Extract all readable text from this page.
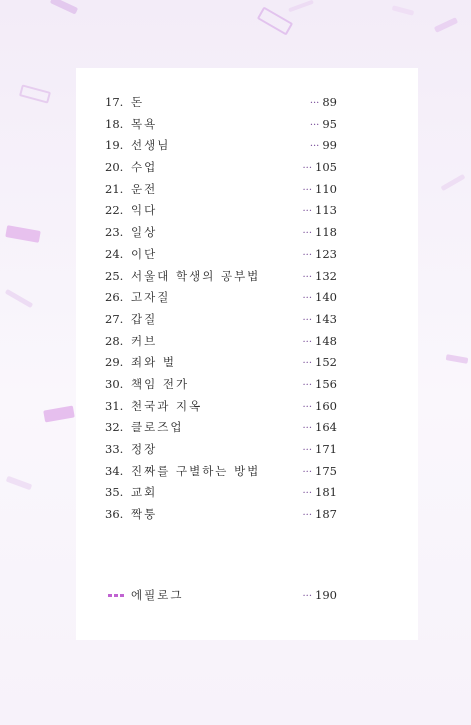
17. 돈	··· 89
18. 목욕	··· 95
19. 선생님	··· 99
20. 수업	··· 105
21. 운전	··· 110
22. 익다	··· 113
23. 일상	··· 118
24. 이단	··· 123
25. 서울대 학생의 공부법	··· 132
26. 고자질	··· 140
27. 갑질	··· 143
28. 커브	··· 148
29. 죄와 벌	··· 152
30. 책임 전가	··· 156
31. 천국과 지옥	··· 160
32. 클로즈업	··· 164
33. 정장	··· 171
34. 진짜를 구별하는 방법	··· 175
35. 교회	··· 181
36. 짝퉁	··· 187
에필로그	··· 190
